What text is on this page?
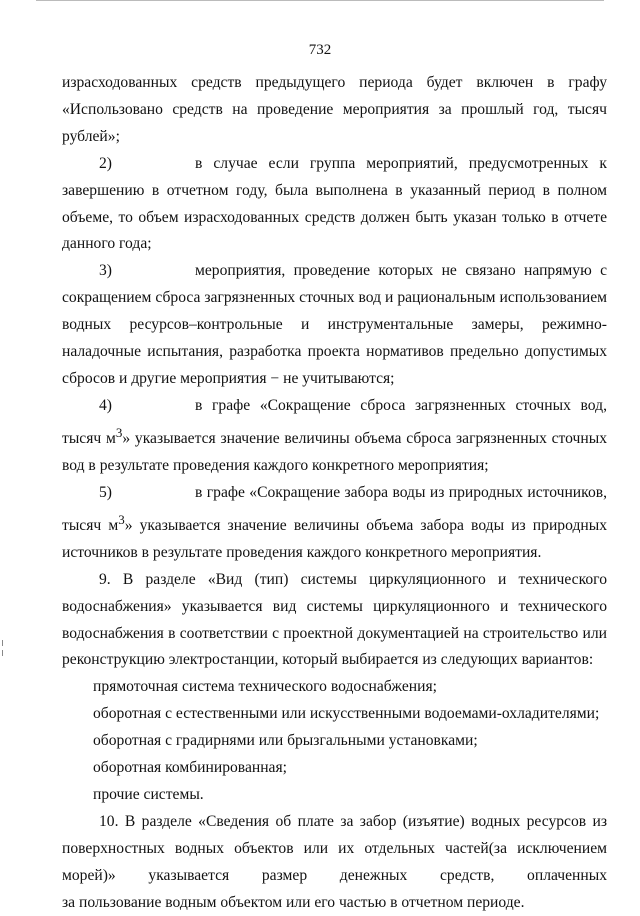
732

израсходованных средств предыдущего периода будет включен в графу «Использовано средств на проведение мероприятия за прошлый год, тысяч рублей»;

2)	в случае если группа мероприятий, предусмотренных к завершению в отчетном году, была выполнена в указанный период в полном объеме, то объем израсходованных средств должен быть указан только в отчете данного года;

3)	мероприятия, проведение которых не связано напрямую с сокращением сброса загрязненных сточных вод и рациональным использованием водных ресурсов–контрольные и инструментальные замеры, режимно-наладочные испытания, разработка проекта нормативов предельно допустимых сбросов и другие мероприятия − не учитываются;

4)	в графе «Сокращение сброса загрязненных сточных вод, тысяч $м^3$» указывается значение величины объема сброса загрязненных сточных вод в результате проведения каждого конкретного мероприятия;

5)	в графе «Сокращение забора воды из природных источников, тысяч $м^3$» указывается значение величины объема забора воды из природных источников в результате проведения каждого конкретного мероприятия.

9. В разделе «Вид (тип) системы циркуляционного и технического водоснабжения» указывается вид системы циркуляционного и технического водоснабжения в соответствии с проектной документацией на строительство или реконструкцию электростанции, который выбирается из следующих вариантов:

прямоточная система технического водоснабжения;

оборотная с естественными или искусственными водоемами-охладителями;

оборотная с градирнями или брызгальными установками;

оборотная комбинированная;

прочие системы.

10. В разделе «Сведения об плате за забор (изъятие) водных ресурсов из поверхностных водных объектов или их отдельных частей(за исключением морей)» указывается размер денежных средств, оплаченных

за пользование водным объектом или его частью в отчетном периоде.
